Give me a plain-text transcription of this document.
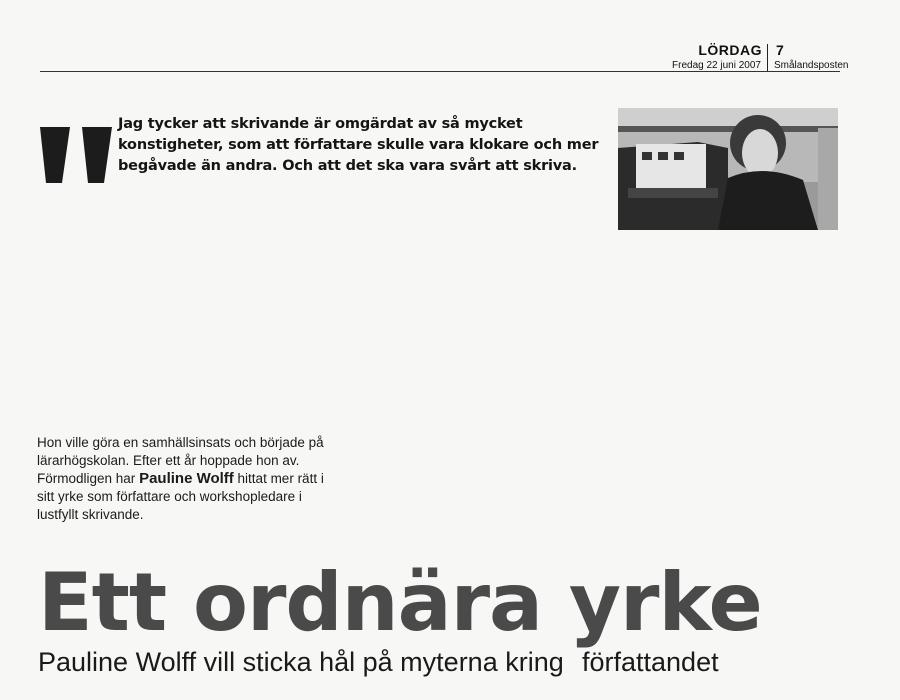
LÖRDAG 7
Fredag 22 juni 2007 Smålandsposten
Jag tycker att skrivande är omgärdat av så mycket konstigheter, som att författare skulle vara klokare och mer begåvade än andra. Och att det ska vara svårt att skriva.
Hon ville göra en samhällsinsats och började på lärarhögskolan. Efter ett år hoppade hon av. Förmodligen har Pauline Wolff hittat mer rätt i sitt yrke som författare och workshopledare i lustfyllt skrivande.
Ett ordnära yrke
Pauline Wolff vill sticka hål på myterna kring författandet
